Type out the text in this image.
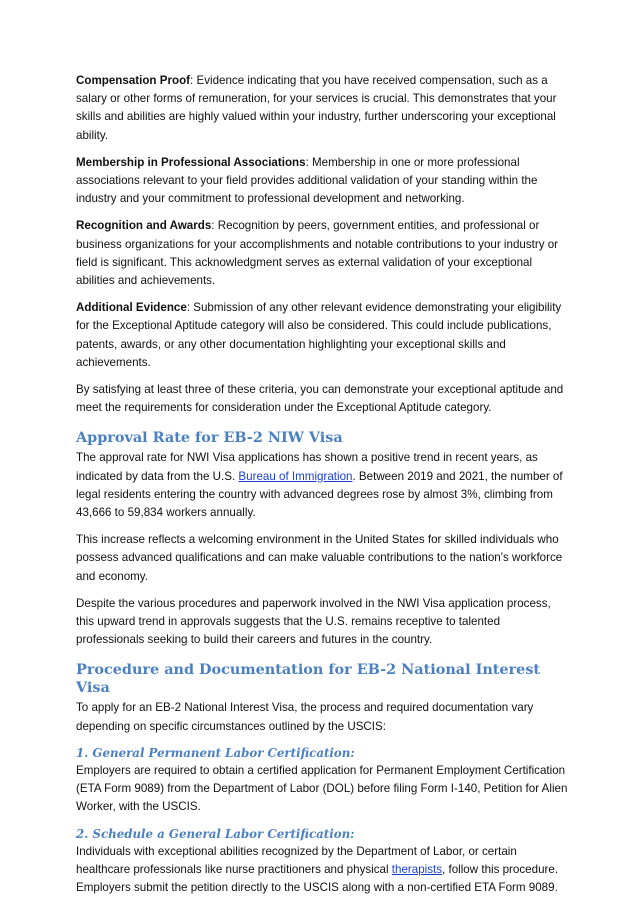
Compensation Proof: Evidence indicating that you have received compensation, such as a salary or other forms of remuneration, for your services is crucial. This demonstrates that your skills and abilities are highly valued within your industry, further underscoring your exceptional ability.

Membership in Professional Associations: Membership in one or more professional associations relevant to your field provides additional validation of your standing within the industry and your commitment to professional development and networking.

Recognition and Awards: Recognition by peers, government entities, and professional or business organizations for your accomplishments and notable contributions to your industry or field is significant. This acknowledgment serves as external validation of your exceptional abilities and achievements.

Additional Evidence: Submission of any other relevant evidence demonstrating your eligibility for the Exceptional Aptitude category will also be considered. This could include publications, patents, awards, or any other documentation highlighting your exceptional skills and achievements.

By satisfying at least three of these criteria, you can demonstrate your exceptional aptitude and meet the requirements for consideration under the Exceptional Aptitude category.

Approval Rate for EB-2 NIW Visa

The approval rate for NWI Visa applications has shown a positive trend in recent years, as indicated by data from the U.S. Bureau of Immigration. Between 2019 and 2021, the number of legal residents entering the country with advanced degrees rose by almost 3%, climbing from 43,666 to 59,834 workers annually.

This increase reflects a welcoming environment in the United States for skilled individuals who possess advanced qualifications and can make valuable contributions to the nation's workforce and economy.

Despite the various procedures and paperwork involved in the NWI Visa application process, this upward trend in approvals suggests that the U.S. remains receptive to talented professionals seeking to build their careers and futures in the country.

Procedure and Documentation for EB-2 National Interest Visa

To apply for an EB-2 National Interest Visa, the process and required documentation vary depending on specific circumstances outlined by the USCIS:

1. General Permanent Labor Certification:

Employers are required to obtain a certified application for Permanent Employment Certification (ETA Form 9089) from the Department of Labor (DOL) before filing Form I-140, Petition for Alien Worker, with the USCIS.

2. Schedule a General Labor Certification:

Individuals with exceptional abilities recognized by the Department of Labor, or certain healthcare professionals like nurse practitioners and physical therapists, follow this procedure. Employers submit the petition directly to the USCIS along with a non-certified ETA Form 9089.
